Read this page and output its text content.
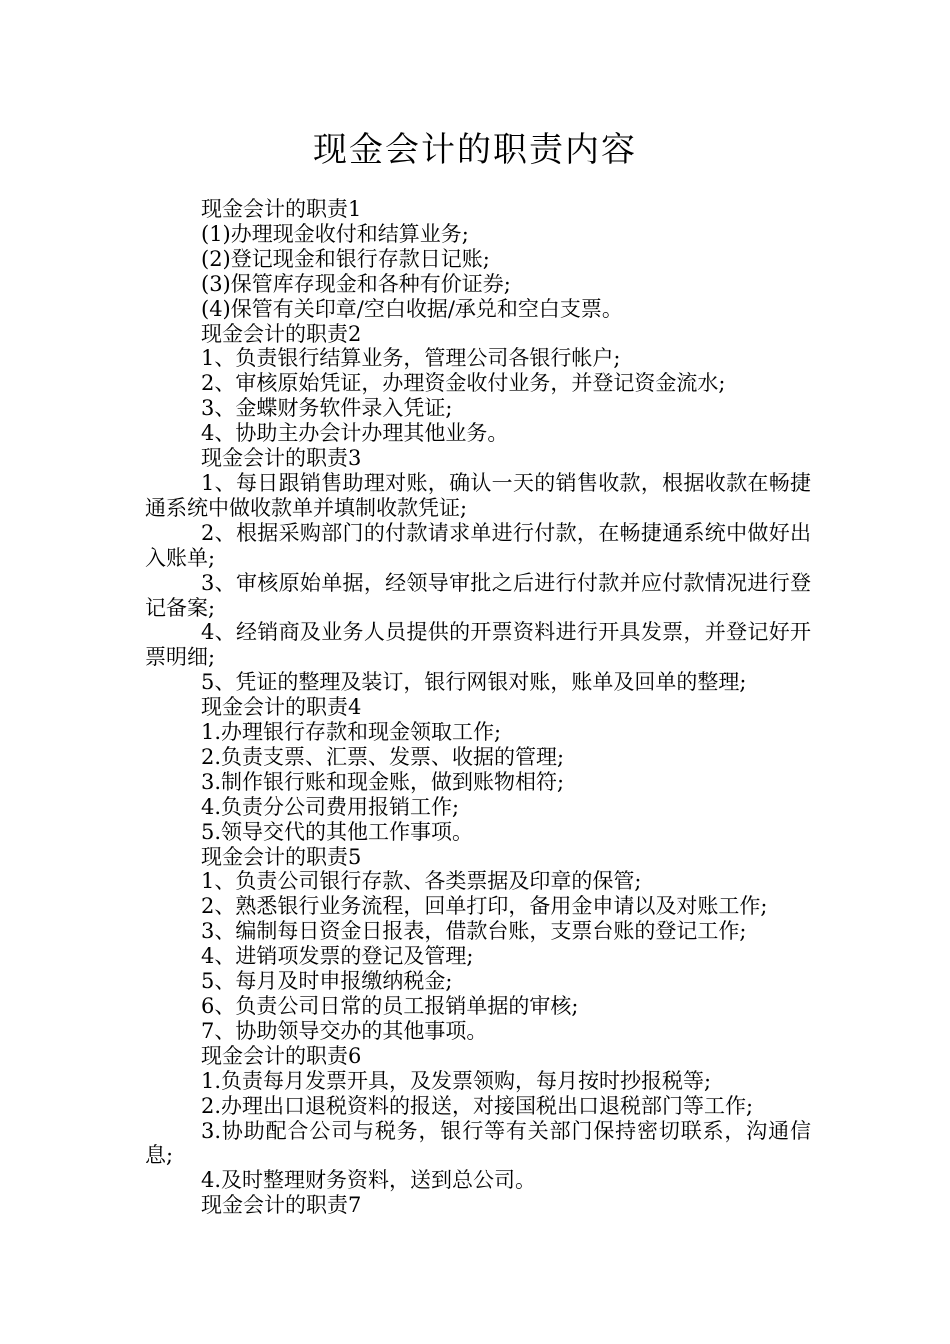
现金会计的职责内容

现金会计的职责1

(1)办理现金收付和结算业务;

(2)登记现金和银行存款日记账;

(3)保管库存现金和各种有价证券;

(4)保管有关印章/空白收据/承兑和空白支票。

现金会计的职责2

1、负责银行结算业务，管理公司各银行帐户;

2、审核原始凭证，办理资金收付业务，并登记资金流水;

3、金蝶财务软件录入凭证;

4、协助主办会计办理其他业务。

现金会计的职责3

1、每日跟销售助理对账，确认一天的销售收款，根据收款在畅捷通系统中做收款单并填制收款凭证;

2、根据采购部门的付款请求单进行付款，在畅捷通系统中做好出入账单;

3、审核原始单据，经领导审批之后进行付款并应付款情况进行登记备案;

4、经销商及业务人员提供的开票资料进行开具发票，并登记好开票明细;

5、凭证的整理及装订，银行网银对账，账单及回单的整理;

现金会计的职责4

1.办理银行存款和现金领取工作;

2.负责支票、汇票、发票、收据的管理;

3.制作银行账和现金账，做到账物相符;

4.负责分公司费用报销工作;

5.领导交代的其他工作事项。

现金会计的职责5

1、负责公司银行存款、各类票据及印章的保管;

2、熟悉银行业务流程，回单打印，备用金申请以及对账工作;

3、编制每日资金日报表，借款台账，支票台账的登记工作;

4、进销项发票的登记及管理;

5、每月及时申报缴纳税金;

6、负责公司日常的员工报销单据的审核;

7、协助领导交办的其他事项。

现金会计的职责6

1.负责每月发票开具，及发票领购，每月按时抄报税等;

2.办理出口退税资料的报送，对接国税出口退税部门等工作;

3.协助配合公司与税务，银行等有关部门保持密切联系，沟通信息;

4.及时整理财务资料，送到总公司。

现金会计的职责7
